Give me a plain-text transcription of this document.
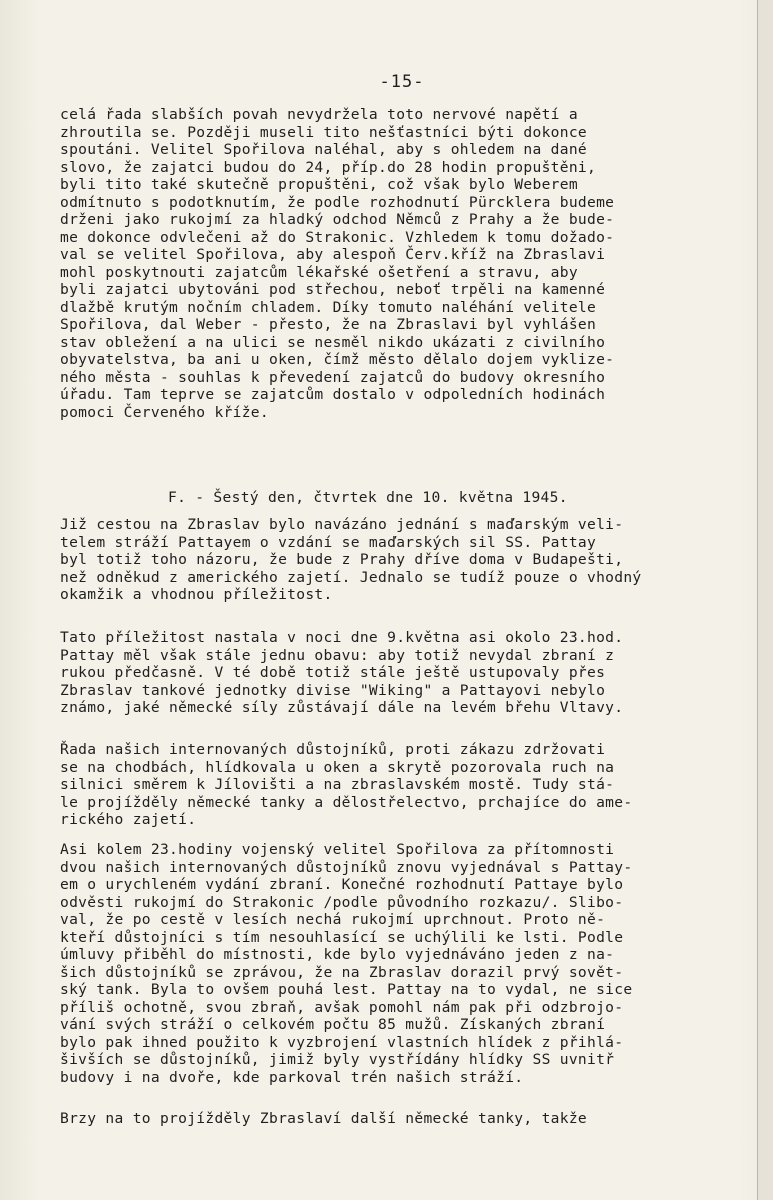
-15-

celá řada slabších povah nevydržela toto nervové napětí a
zhroutila se. Později museli tito nešťastníci býti dokonce
spoutáni. Velitel Spořilova naléhal, aby s ohledem na dané
slovo, že zajatci budou do 24, příp.do 28 hodin propuštěni,
byli tito také skutečně propuštěni, což však bylo Weberem
odmítnuto s podotknutím, že podle rozhodnutí Pürcklera budeme
drženi jako rukojmí za hladký odchod Němců z Prahy a že bude-
me dokonce odvlečeni až do Strakonic. Vzhledem k tomu dožado-
val se velitel Spořilova, aby alespoň Červ.kříž na Zbraslavi
mohl poskytnouti zajatcům lékařské ošetření a stravu, aby
byli zajatci ubytováni pod střechou, neboť trpěli na kamenné
dlažbě krutým nočním chladem. Díky tomuto naléhání velitele
Spořilova, dal Weber - přesto, že na Zbraslavi byl vyhlášen
stav obležení a na ulici se nesměl nikdo ukázati z civilního
obyvatelstva, ba ani u oken, čímž město dělalo dojem vyklize-
ného města - souhlas k převedení zajatců do budovy okresního
úřadu. Tam teprve se zajatcům dostalo v odpoledních hodinách
pomoci Červeného kříže.

F. - Šestý den, čtvrtek dne 10. května 1945.

Již cestou na Zbraslav bylo navázáno jednání s maďarským veli-
telem stráží Pattayem o vzdání se maďarských sil SS. Pattay
byl totiž toho názoru, že bude z Prahy dříve doma v Budapešti,
než odněkud z amerického zajetí. Jednalo se tudíž pouze o vhodný
okamžik a vhodnou příležitost.

Tato příležitost nastala v noci dne 9.května asi okolo 23.hod.
Pattay měl však stále jednu obavu: aby totiž nevydal zbraní z
rukou předčasně. V té době totiž stále ještě ustupovaly přes
Zbraslav tankové jednotky divise "Wiking" a Pattayovi nebylo
známo, jaké německé síly zůstávají dále na levém břehu Vltavy.

Řada našich internovaných důstojníků, proti zákazu zdržovati
se na chodbách, hlídkovala u oken a skrytě pozorovala ruch na
silnici směrem k Jílovišti a na zbraslavském mostě. Tudy stá-
le projížděly německé tanky a dělostřelectvo, prchajíce do ame-
rického zajetí.

Asi kolem 23.hodiny vojenský velitel Spořilova za přítomnosti
dvou našich internovaných důstojníků znovu vyjednával s Pattay-
em o urychleném vydání zbraní. Konečné rozhodnutí Pattaye bylo
odvěsti rukojmí do Strakonic /podle původního rozkazu/. Slibo-
val, že po cestě v lesích nechá rukojmí uprchnout. Proto ně-
kteří důstojníci s tím nesouhlasící se uchýlili ke lsti. Podle
úmluvy přiběhl do místnosti, kde bylo vyjednáváno jeden z na-
šich důstojníků se zprávou, že na Zbraslav dorazil prvý sovět-
ský tank. Byla to ovšem pouhá lest. Pattay na to vydal, ne sice
příliš ochotně, svou zbraň, avšak pomohl nám pak při odzbrojo-
vání svých stráží o celkovém počtu 85 mužů. Získaných zbraní
bylo pak ihned použito k vyzbrojení vlastních hlídek z přihlá-
šivších se důstojníků, jimiž byly vystřídány hlídky SS uvnitř
budovy i na dvoře, kde parkoval trén našich stráží.

Brzy na to projížděly Zbraslaví další německé tanky, takže
